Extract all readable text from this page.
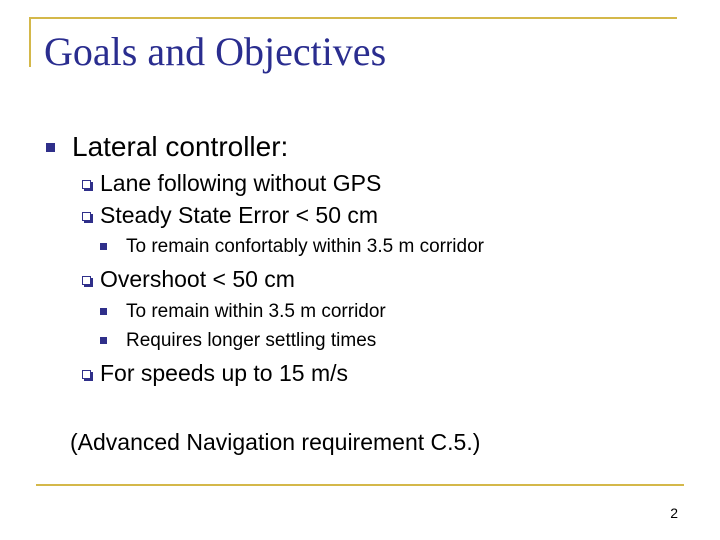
Goals and Objectives
Lateral controller:
Lane following without GPS
Steady State Error < 50 cm
To remain confortably within 3.5 m corridor
Overshoot < 50 cm
To remain within 3.5 m corridor
Requires longer settling times
For speeds up to 15 m/s
(Advanced Navigation requirement C.5.)
2
